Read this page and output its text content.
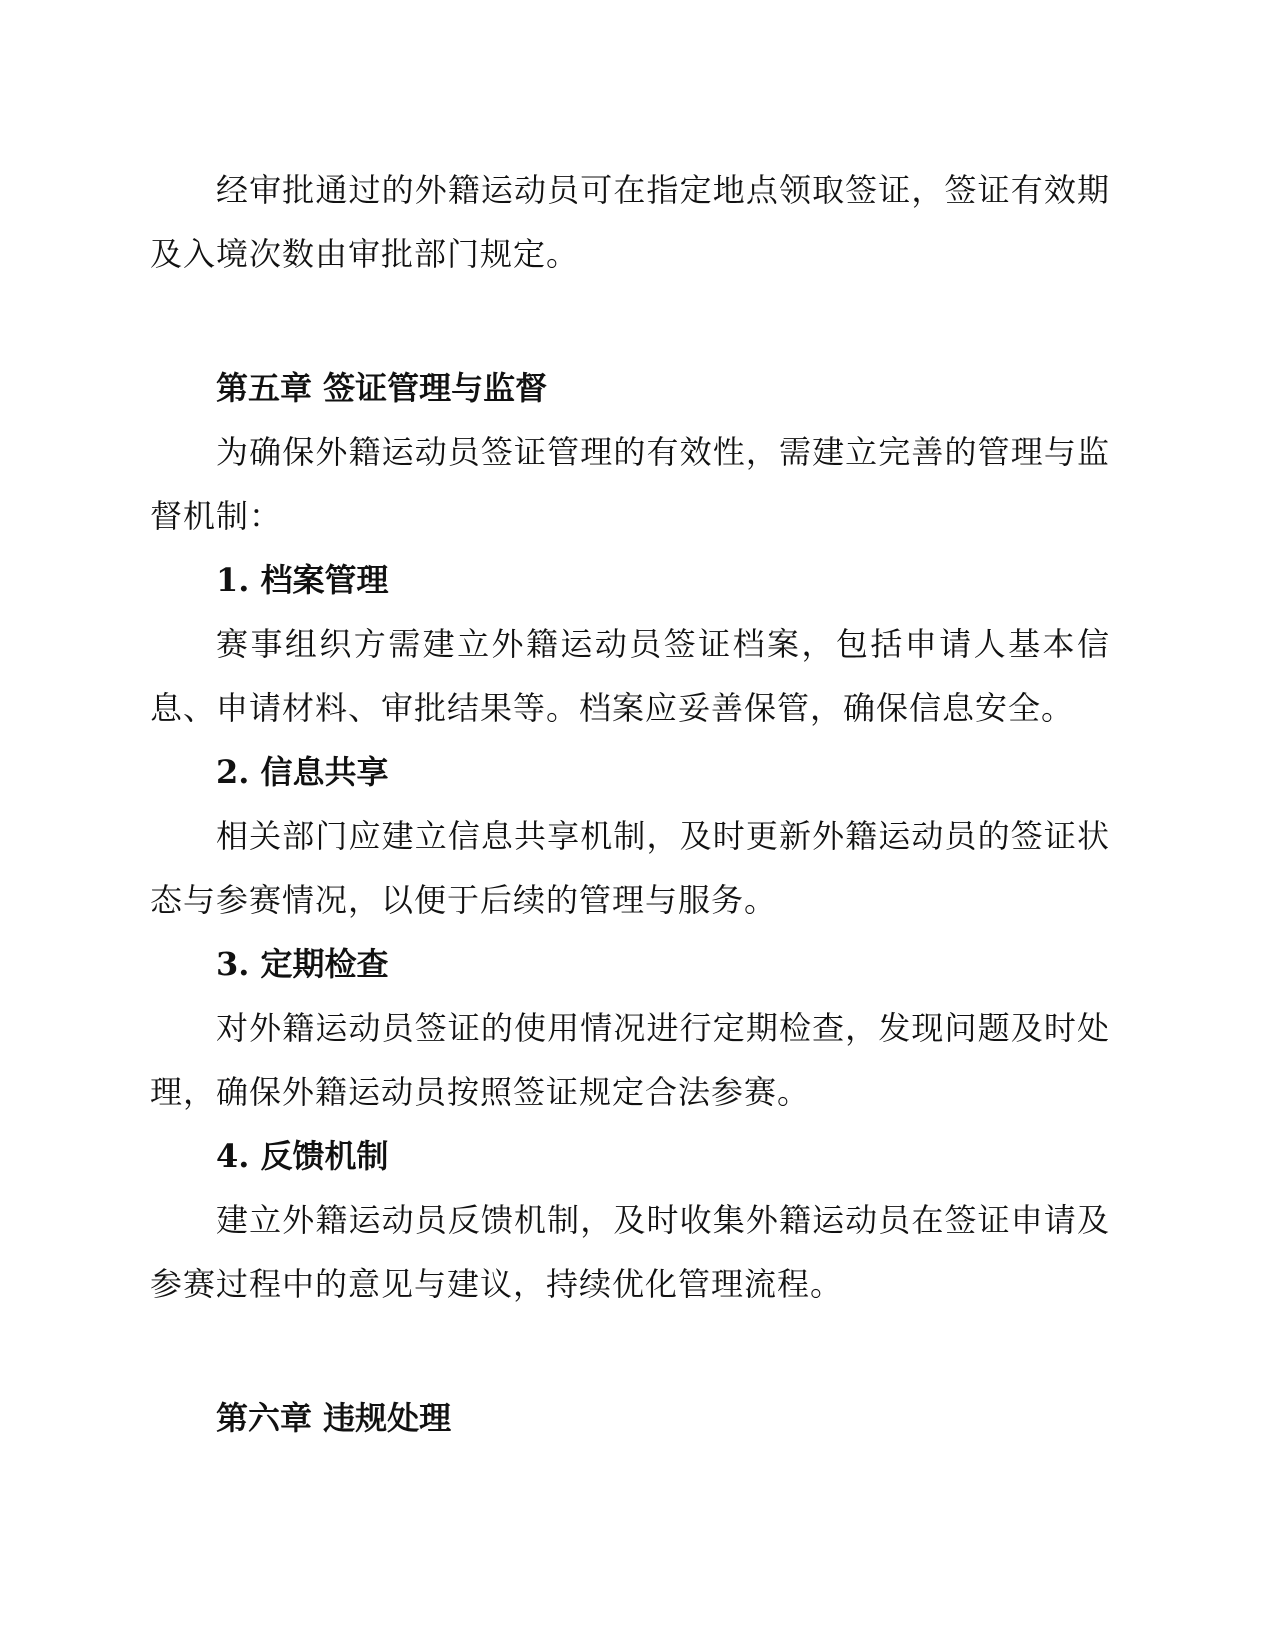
经审批通过的外籍运动员可在指定地点领取签证，签证有效期及入境次数由审批部门规定。

第五章 签证管理与监督

为确保外籍运动员签证管理的有效性，需建立完善的管理与监督机制：

1. 档案管理

赛事组织方需建立外籍运动员签证档案，包括申请人基本信息、申请材料、审批结果等。档案应妥善保管，确保信息安全。

2. 信息共享

相关部门应建立信息共享机制，及时更新外籍运动员的签证状态与参赛情况，以便于后续的管理与服务。

3. 定期检查

对外籍运动员签证的使用情况进行定期检查，发现问题及时处理，确保外籍运动员按照签证规定合法参赛。

4. 反馈机制

建立外籍运动员反馈机制，及时收集外籍运动员在签证申请及参赛过程中的意见与建议，持续优化管理流程。

第六章 违规处理
